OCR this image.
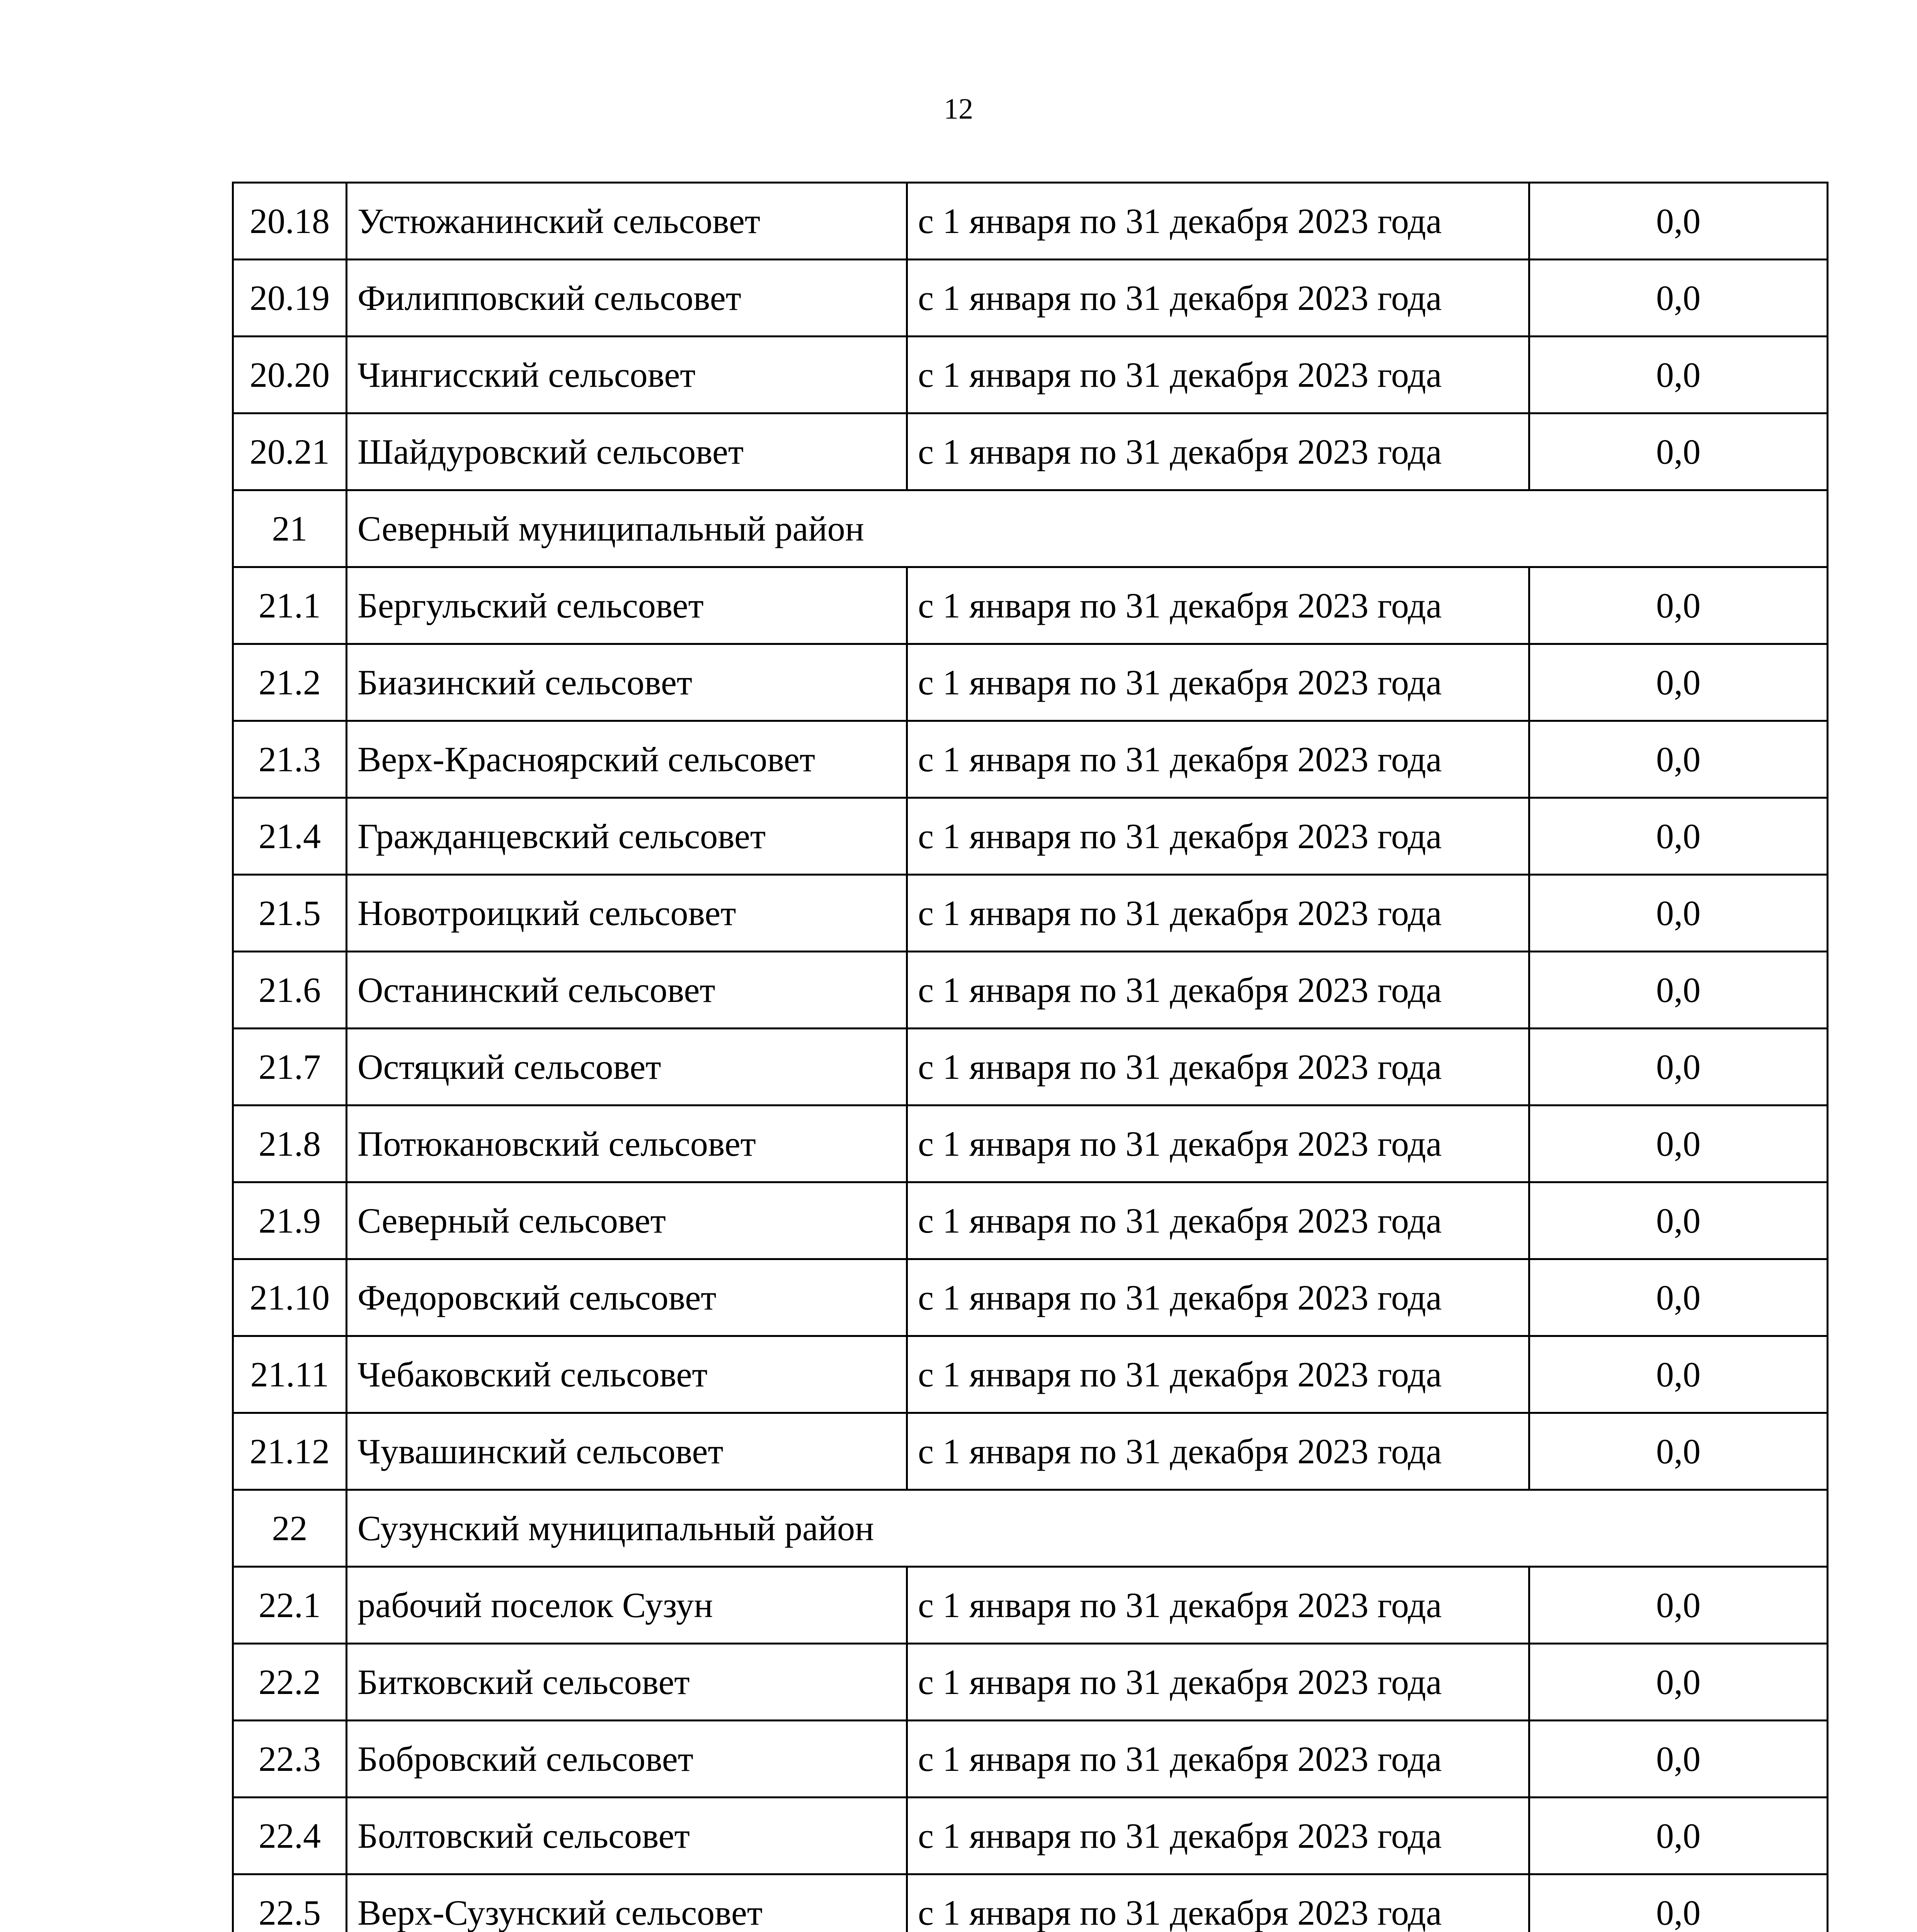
12
20.18	Устюжанинский сельсовет	с 1 января по 31 декабря 2023 года	0,0
20.19	Филипповский сельсовет	с 1 января по 31 декабря 2023 года	0,0
20.20	Чингисский сельсовет	с 1 января по 31 декабря 2023 года	0,0
20.21	Шайдуровский сельсовет	с 1 января по 31 декабря 2023 года	0,0
21	Северный муниципальный район		
21.1	Бергульский сельсовет	с 1 января по 31 декабря 2023 года	0,0
21.2	Биазинский сельсовет	с 1 января по 31 декабря 2023 года	0,0
21.3	Верх-Красноярский сельсовет	с 1 января по 31 декабря 2023 года	0,0
21.4	Гражданцевский сельсовет	с 1 января по 31 декабря 2023 года	0,0
21.5	Новотроицкий сельсовет	с 1 января по 31 декабря 2023 года	0,0
21.6	Останинский сельсовет	с 1 января по 31 декабря 2023 года	0,0
21.7	Остяцкий сельсовет	с 1 января по 31 декабря 2023 года	0,0
21.8	Потюкановский сельсовет	с 1 января по 31 декабря 2023 года	0,0
21.9	Северный сельсовет	с 1 января по 31 декабря 2023 года	0,0
21.10	Федоровский сельсовет	с 1 января по 31 декабря 2023 года	0,0
21.11	Чебаковский сельсовет	с 1 января по 31 декабря 2023 года	0,0
21.12	Чувашинский сельсовет	с 1 января по 31 декабря 2023 года	0,0
22	Сузунский муниципальный район		
22.1	рабочий поселок Сузун	с 1 января по 31 декабря 2023 года	0,0
22.2	Битковский сельсовет	с 1 января по 31 декабря 2023 года	0,0
22.3	Бобровский сельсовет	с 1 января по 31 декабря 2023 года	0,0
22.4	Болтовский сельсовет	с 1 января по 31 декабря 2023 года	0,0
22.5	Верх-Сузунский сельсовет	с 1 января по 31 декабря 2023 года	0,0
